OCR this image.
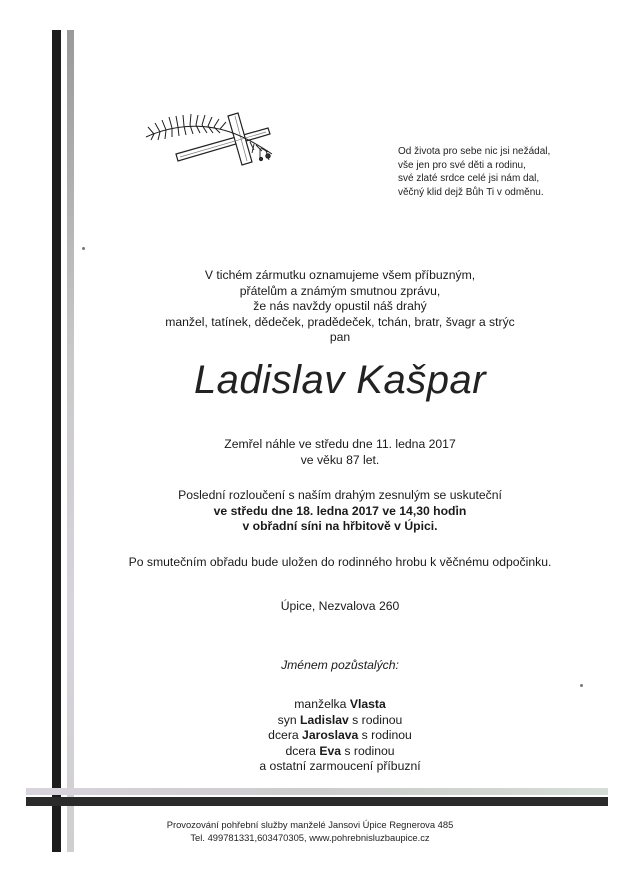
Od života pro sebe nic jsi nežádal,
vše jen pro své děti a rodinu,
své zlaté srdce celé jsi nám dal,
věčný klid dejž Bůh Ti v odměnu.
V tichém zármutku oznamujeme všem příbuzným,
přátelům a známým smutnou zprávu,
že nás navždy opustil náš drahý
manžel, tatínek, dědeček, pradědeček, tchán, bratr, švagr a strýc
pan
Ladislav Kašpar
Zemřel náhle ve středu dne 11. ledna 2017
ve věku 87 let.
Poslední rozloučení s naším drahým zesnulým se uskuteční
ve středu dne 18. ledna 2017 ve 14,30 hodin
v obřadní síni na hřbitově v Úpici.
Po smutečním obřadu bude uložen do rodinného hrobu k věčnému odpočinku.
Úpice, Nezvalova 260
Jménem pozůstalých:
manželka Vlasta
syn Ladislav s rodinou
dcera Jaroslava s rodinou
dcera Eva s rodinou
a ostatní zarmoucení příbuzní
Provozování pohřební služby manželé Jansovi Úpice Regnerova 485
Tel. 499781331,603470305, www.pohrebnisluzbaupice.cz
